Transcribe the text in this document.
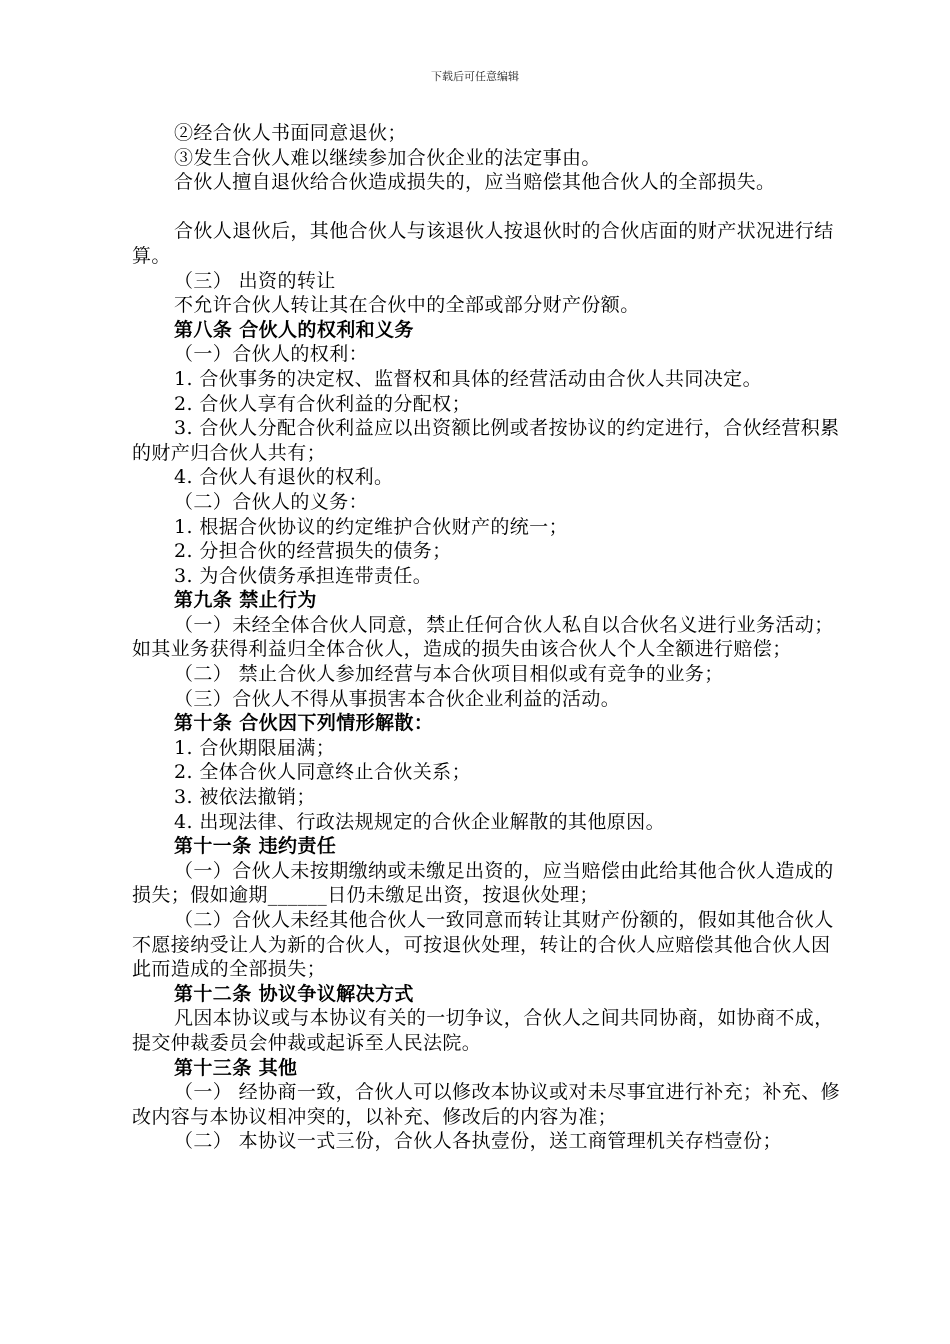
下载后可任意编辑

②经合伙人书面同意退伙；

③发生合伙人难以继续参加合伙企业的法定事由。

合伙人擅自退伙给合伙造成损失的，应当赔偿其他合伙人的全部损失。

合伙人退伙后，其他合伙人与该退伙人按退伙时的合伙店面的财产状况进行结算。

（三） 出资的转让

不允许合伙人转让其在合伙中的全部或部分财产份额。

第八条 合伙人的权利和义务

（一）合伙人的权利：

1. 合伙事务的决定权、监督权和具体的经营活动由合伙人共同决定。

2. 合伙人享有合伙利益的分配权；

3. 合伙人分配合伙利益应以出资额比例或者按协议的约定进行，合伙经营积累的财产归合伙人共有；

4. 合伙人有退伙的权利。

（二）合伙人的义务：

1. 根据合伙协议的约定维护合伙财产的统一；

2. 分担合伙的经营损失的债务；

3. 为合伙债务承担连带责任。

第九条 禁止行为

（一）未经全体合伙人同意，禁止任何合伙人私自以合伙名义进行业务活动；如其业务获得利益归全体合伙人，造成的损失由该合伙人个人全额进行赔偿；

（二） 禁止合伙人参加经营与本合伙项目相似或有竞争的业务；

（三）合伙人不得从事损害本合伙企业利益的活动。

第十条 合伙因下列情形解散：

1. 合伙期限届满；

2. 全体合伙人同意终止合伙关系；

3. 被依法撤销；

4. 出现法律、行政法规规定的合伙企业解散的其他原因。

第十一条 违约责任

（一）合伙人未按期缴纳或未缴足出资的，应当赔偿由此给其他合伙人造成的损失；假如逾期______日仍未缴足出资，按退伙处理；

（二）合伙人未经其他合伙人一致同意而转让其财产份额的，假如其他合伙人不愿接纳受让人为新的合伙人，可按退伙处理，转让的合伙人应赔偿其他合伙人因此而造成的全部损失；

第十二条 协议争议解决方式

凡因本协议或与本协议有关的一切争议，合伙人之间共同协商，如协商不成，提交仲裁委员会仲裁或起诉至人民法院。

第十三条 其他

（一） 经协商一致，合伙人可以修改本协议或对未尽事宜进行补充；补充、修改内容与本协议相冲突的，以补充、修改后的内容为准；

（二） 本协议一式三份，合伙人各执壹份，送工商管理机关存档壹份；
